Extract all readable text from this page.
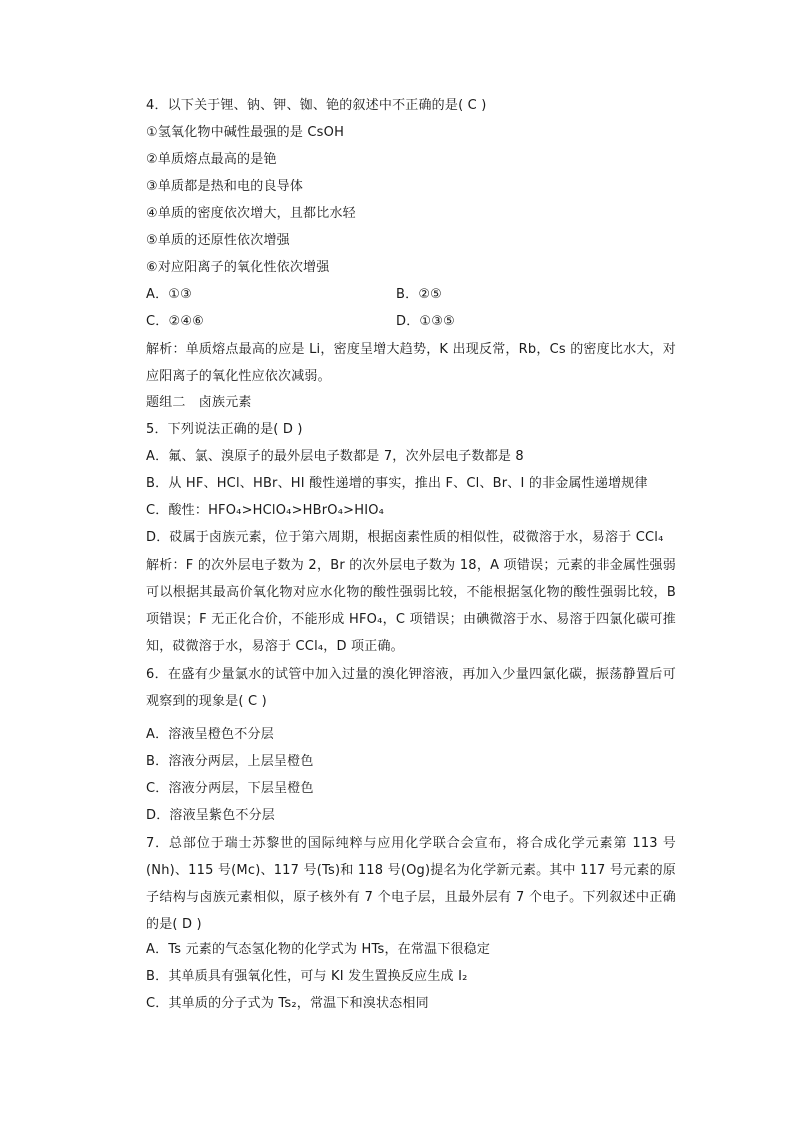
4．以下关于锂、钠、钾、铷、铯的叙述中不正确的是( C )
①氢氧化物中碱性最强的是 CsOH
②单质熔点最高的是铯
③单质都是热和电的良导体
④单质的密度依次增大，且都比水轻
⑤单质的还原性依次增强
⑥对应阳离子的氧化性依次增强
A．①③	B．②⑤
C．②④⑥	D．①③⑤
解析：单质熔点最高的应是 Li，密度呈增大趋势，K 出现反常，Rb，Cs 的密度比水大，对应阳离子的氧化性应依次减弱。
题组二　卤族元素
5．下列说法正确的是( D )
A．氟、氯、溴原子的最外层电子数都是 7，次外层电子数都是 8
B．从 HF、HCl、HBr、HI 酸性递增的事实，推出 F、Cl、Br、I 的非金属性递增规律
C．酸性：HFO₄>HClO₄>HBrO₄>HIO₄
D．砹属于卤族元素，位于第六周期，根据卤素性质的相似性，砹微溶于水，易溶于 CCl₄
解析：F 的次外层电子数为 2，Br 的次外层电子数为 18，A 项错误；元素的非金属性强弱可以根据其最高价氧化物对应水化物的酸性强弱比较，不能根据氢化物的酸性强弱比较，B 项错误；F 无正化合价，不能形成 HFO₄，C 项错误；由碘微溶于水、易溶于四氯化碳可推知，砹微溶于水，易溶于 CCl₄，D 项正确。
6．在盛有少量氯水的试管中加入过量的溴化钾溶液，再加入少量四氯化碳，振荡静置后可观察到的现象是( C )
A．溶液呈橙色不分层
B．溶液分两层，上层呈橙色
C．溶液分两层，下层呈橙色
D．溶液呈紫色不分层
7．总部位于瑞士苏黎世的国际纯粹与应用化学联合会宣布，将合成化学元素第 113 号(Nh)、115 号(Mc)、117 号(Ts)和 118 号(Og)提名为化学新元素。其中 117 号元素的原子结构与卤族元素相似，原子核外有 7 个电子层，且最外层有 7 个电子。下列叙述中正确的是( D )
A．Ts 元素的气态氢化物的化学式为 HTs，在常温下很稳定
B．其单质具有强氧化性，可与 KI 发生置换反应生成 I₂
C．其单质的分子式为 Ts₂，常温下和溴状态相同
